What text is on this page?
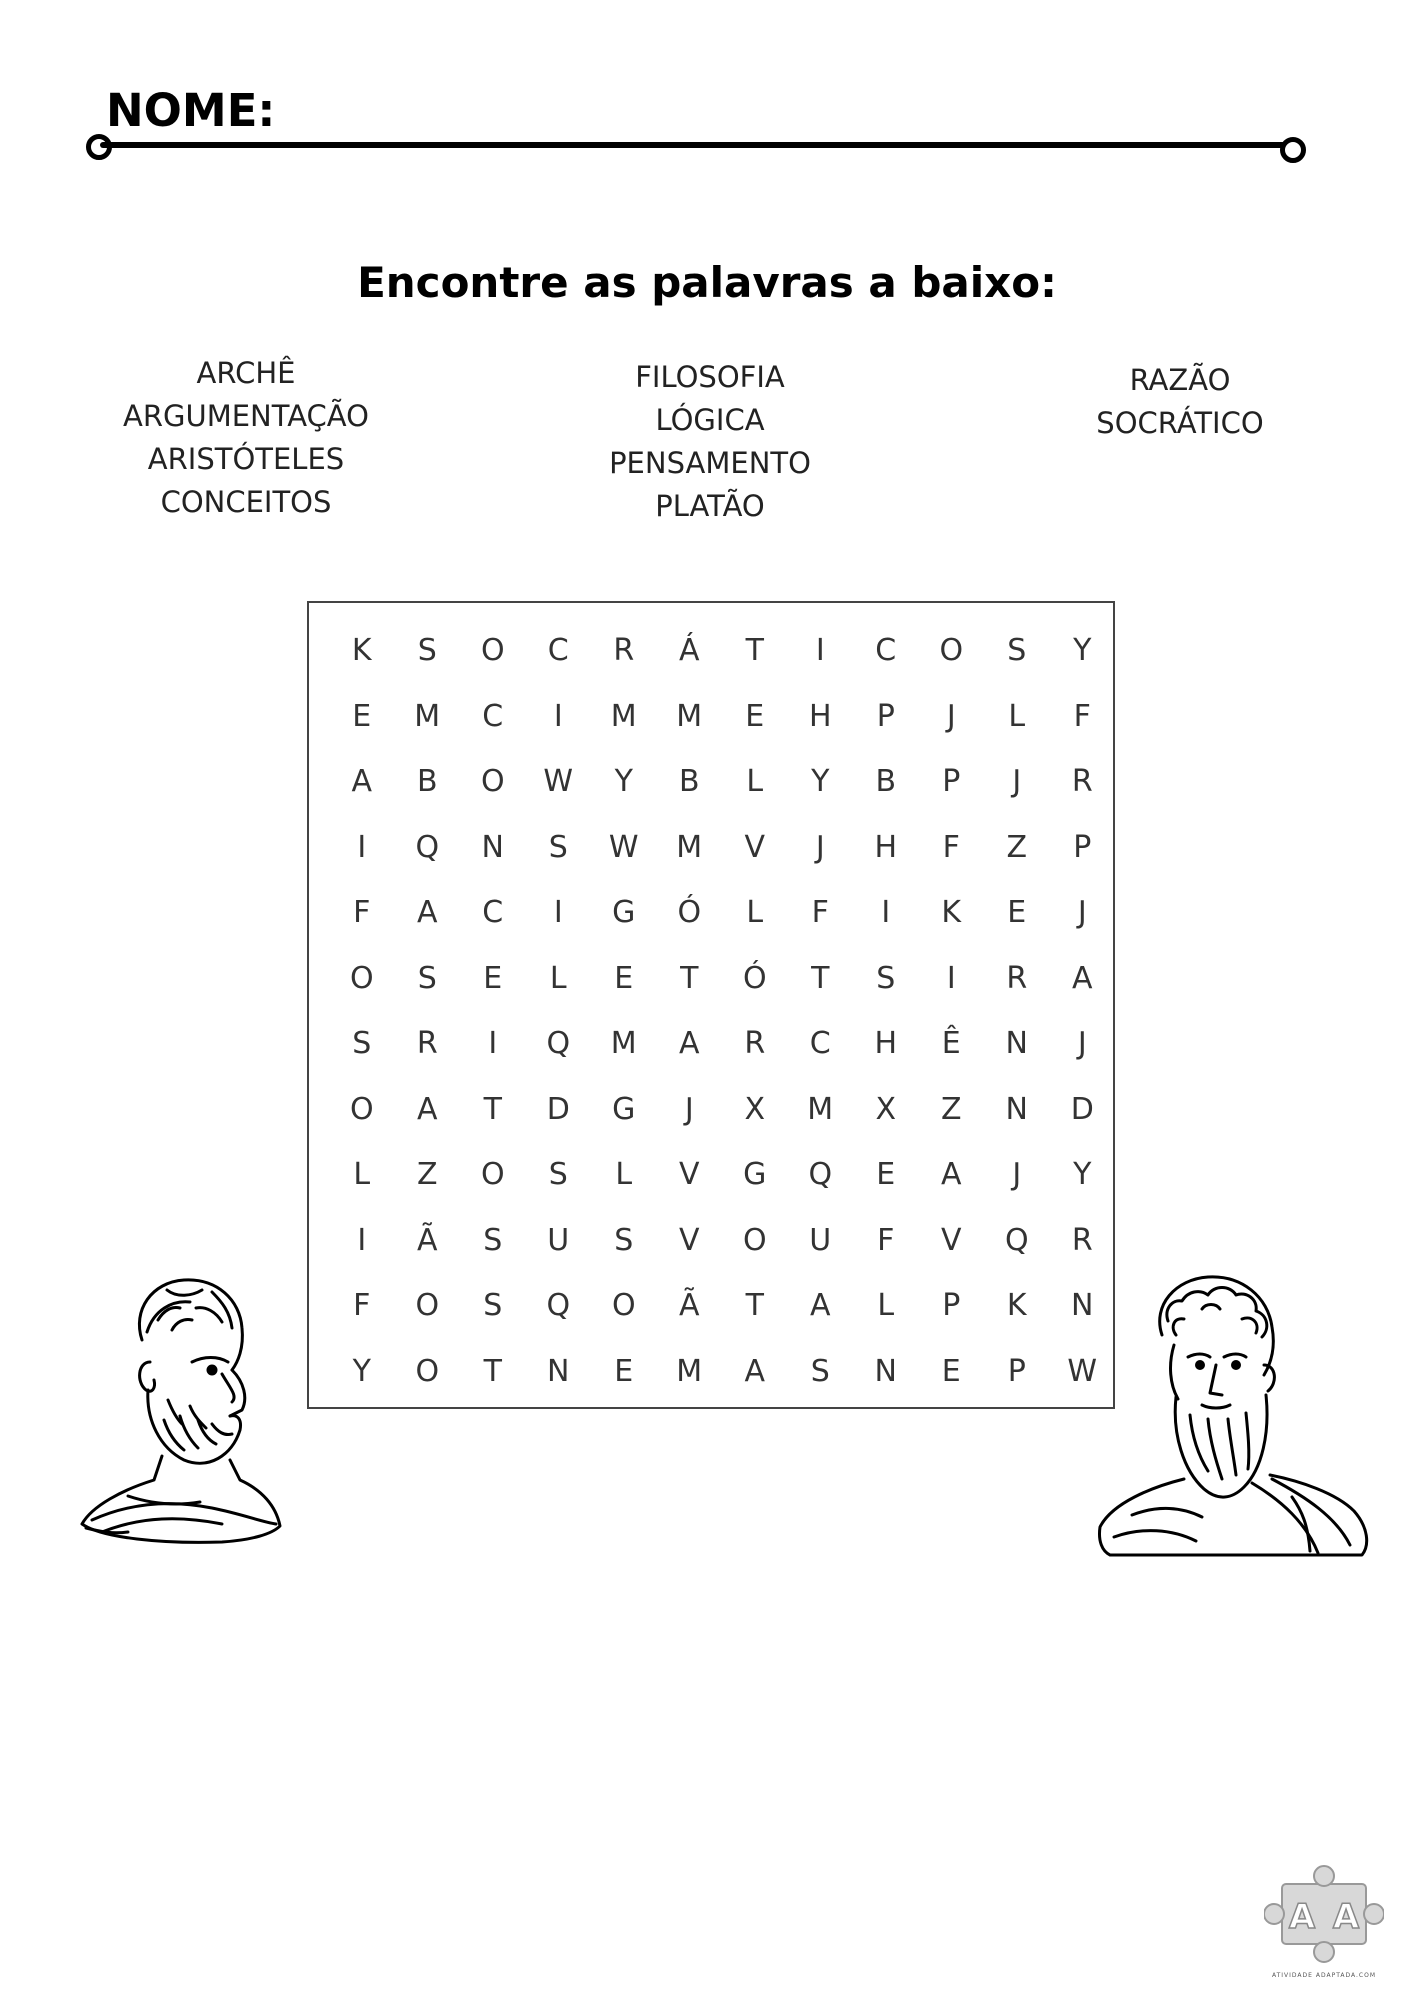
NOME:
Encontre as palavras a baixo:
ARCHÊ
ARGUMENTAÇÃO
ARISTÓTELES
CONCEITOS
FILOSOFIA
LÓGICA
PENSAMENTO
PLATÃO
RAZÃO
SOCRÁTICO
K	S	O	C	R	Á	T	I	C	O	S	Y
E	M	C	I	M	M	E	H	P	J	L	F
A	B	O	W	Y	B	L	Y	B	P	J	R
I	Q	N	S	W	M	V	J	H	F	Z	P
F	A	C	I	G	Ó	L	F	I	K	E	J
O	S	E	L	E	T	Ó	T	S	I	R	A
S	R	I	Q	M	A	R	C	H	Ê	N	J
O	A	T	D	G	J	X	M	X	Z	N	D
L	Z	O	S	L	V	G	Q	E	A	J	Y
I	Ã	S	U	S	V	O	U	F	V	Q	R
F	O	S	Q	O	Ã	T	A	L	P	K	N
Y	O	T	N	E	M	A	S	N	E	P	W
A A
ATIVIDADE ADAPTADA.COM
